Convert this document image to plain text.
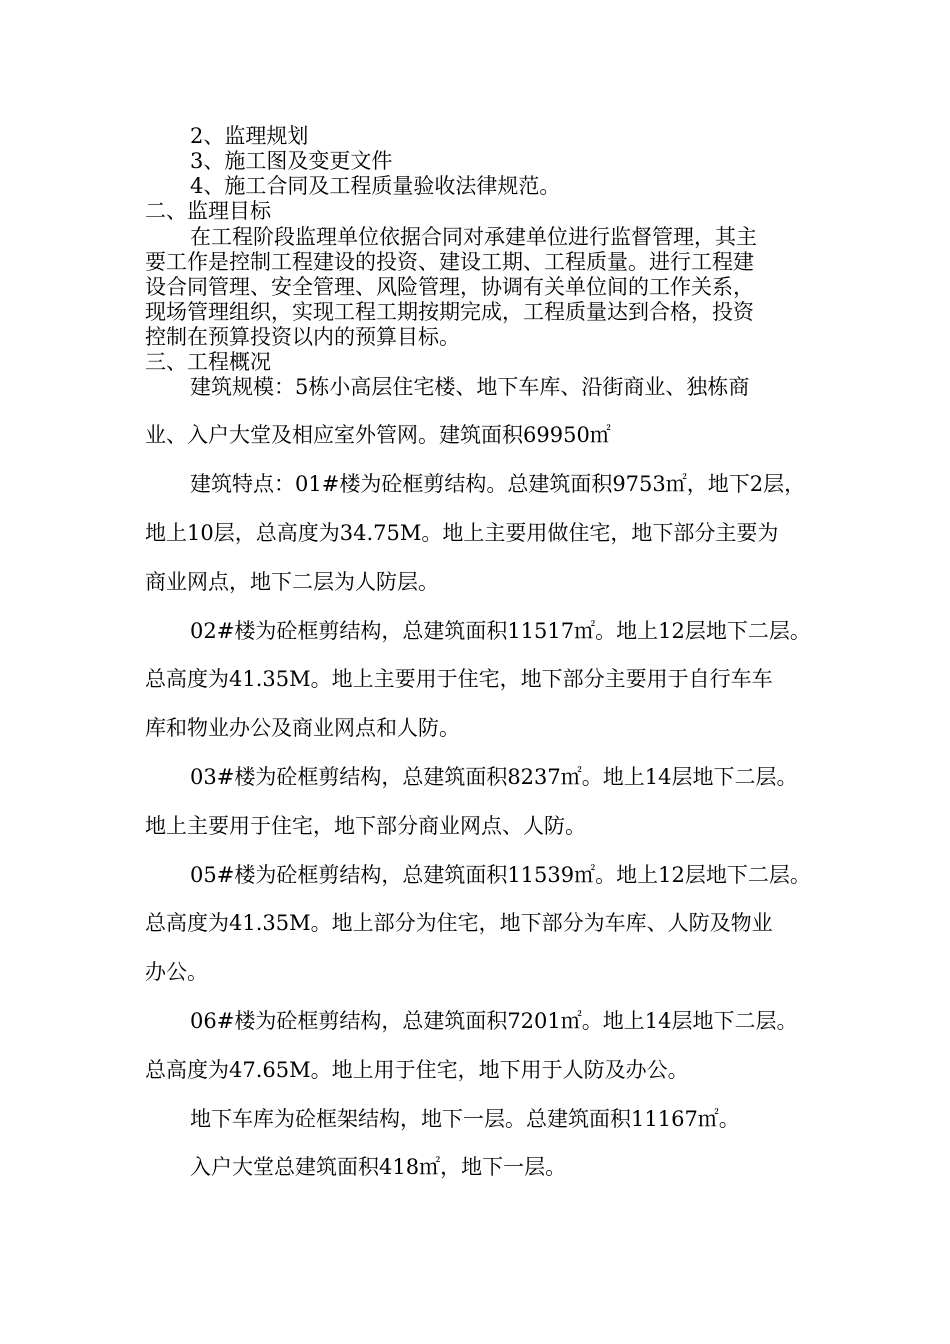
2、监理规划
3、施工图及变更文件
4、施工合同及工程质量验收法律规范。
二、监理目标
在工程阶段监理单位依据合同对承建单位进行监督管理，其主
要工作是控制工程建设的投资、建设工期、工程质量。进行工程建
设合同管理、安全管理、风险管理，协调有关单位间的工作关系，
现场管理组织，实现工程工期按期完成，工程质量达到合格，投资
控制在预算投资以内的预算目标。
三、工程概况
建筑规模：5栋小高层住宅楼、地下车库、沿街商业、独栋商
业、入户大堂及相应室外管网。建筑面积69950㎡
建筑特点：01#楼为砼框剪结构。总建筑面积9753㎡，地下2层，
地上10层，总高度为34.75M。地上主要用做住宅，地下部分主要为
商业网点，地下二层为人防层。
02#楼为砼框剪结构，总建筑面积11517㎡。地上12层地下二层。
总高度为41.35M。地上主要用于住宅，地下部分主要用于自行车车
库和物业办公及商业网点和人防。
03#楼为砼框剪结构，总建筑面积8237㎡。地上14层地下二层。
地上主要用于住宅，地下部分商业网点、人防。
05#楼为砼框剪结构，总建筑面积11539㎡。地上12层地下二层。
总高度为41.35M。地上部分为住宅，地下部分为车库、人防及物业
办公。
06#楼为砼框剪结构，总建筑面积7201㎡。地上14层地下二层。
总高度为47.65M。地上用于住宅，地下用于人防及办公。
地下车库为砼框架结构，地下一层。总建筑面积11167㎡。
入户大堂总建筑面积418㎡，地下一层。
